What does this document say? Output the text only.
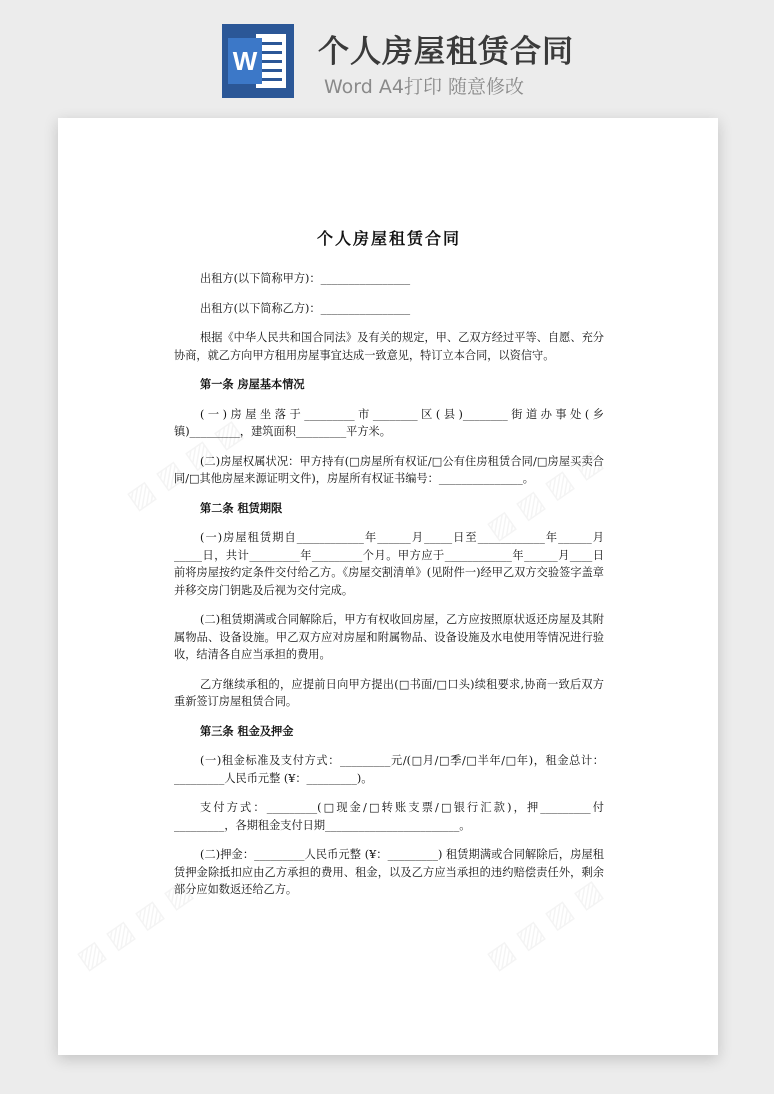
W 个人房屋租赁合同
Word A4打印 随意修改
个人房屋租赁合同

出租方(以下简称甲方)：________________

出租方(以下简称乙方)：________________

根据《中华人民共和国合同法》及有关的规定，甲、乙双方经过平等、自愿、充分协商，就乙方向甲方租用房屋事宜达成一致意见，特订立本合同，以资信守。

第一条 房屋基本情况

(一)房屋坐落于_________市________区(县)________街道办事处(乡镇)_________，建筑面积_________平方米。

(二)房屋权属状况：甲方持有(□房屋所有权证/□公有住房租赁合同/□房屋买卖合同/□其他房屋来源证明文件)，房屋所有权证书编号：_______________。

第二条 租赁期限

(一)房屋租赁期自____________年______月_____日至____________年______月_____日，共计_________年_________个月。甲方应于____________年______月____日前将房屋按约定条件交付给乙方。《房屋交割清单》(见附件一)经甲乙双方交验签字盖章并移交房门钥匙及后视为交付完成。

(二)租赁期满或合同解除后，甲方有权收回房屋，乙方应按照原状返还房屋及其附属物品、设备设施。甲乙双方应对房屋和附属物品、设备设施及水电使用等情况进行验收，结清各自应当承担的费用。

乙方继续承租的，应提前日向甲方提出(□书面/□口头)续租要求,协商一致后双方重新签订房屋租赁合同。

第三条 租金及押金

(一)租金标准及支付方式：_________元/(□月/□季/□半年/□年)，租金总计：_________人民币元整 (¥：_________)。

支付方式：_________(□现金/□转账支票/□银行汇款)，押_________付_________，各期租金支付日期________________________。

(二)押金：_________人民币元整 (¥：_________) 租赁期满或合同解除后，房屋租赁押金除抵扣应由乙方承担的费用、租金，以及乙方应当承担的违约赔偿责任外，剩余部分应如数返还给乙方。
